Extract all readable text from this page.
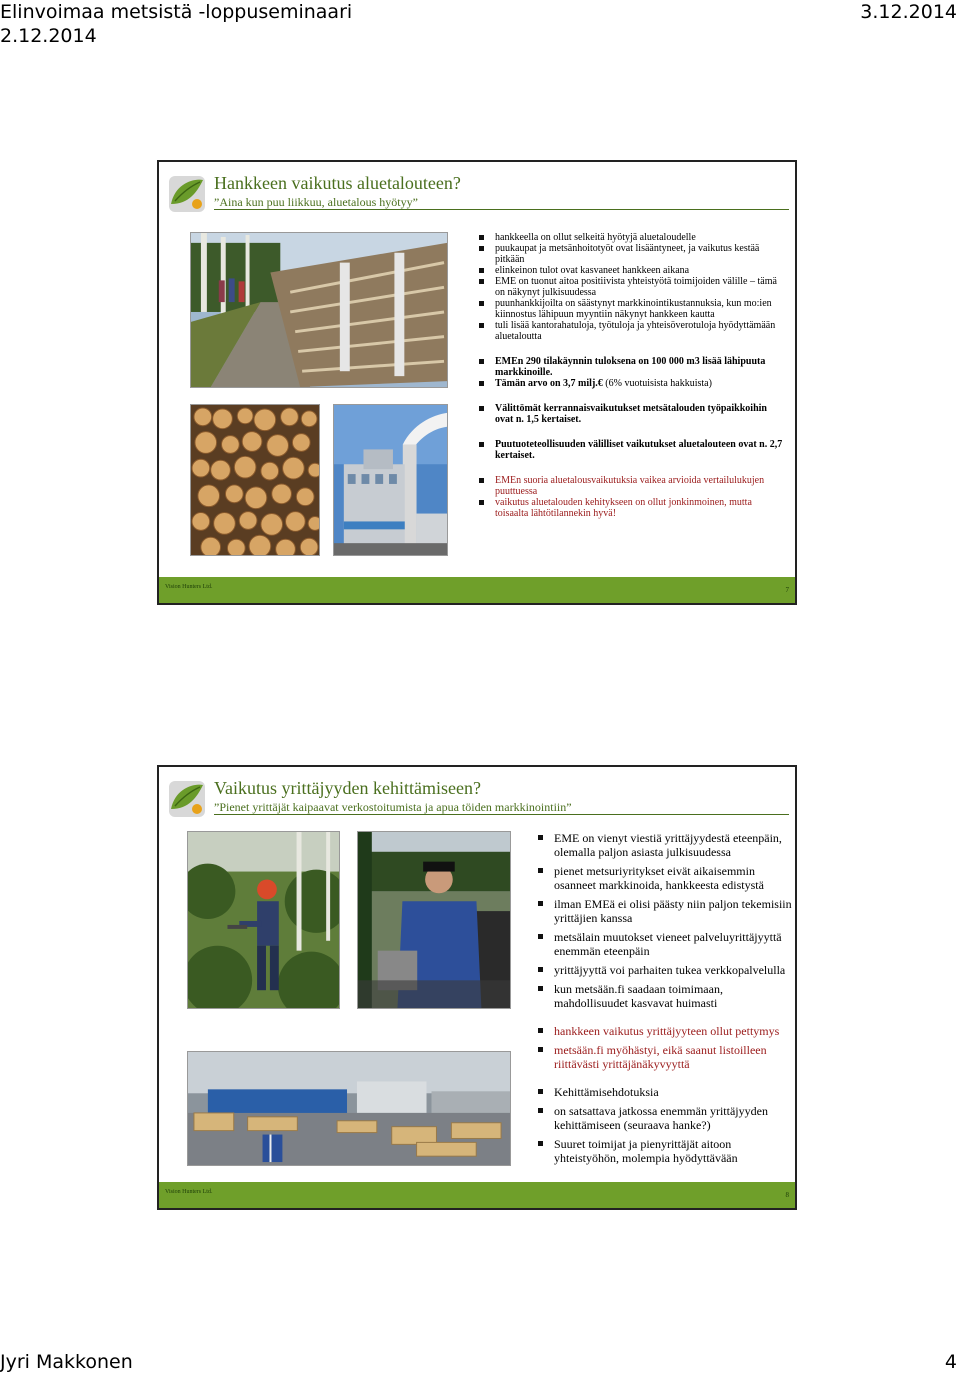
Elinvoimaa metsistä -loppuseminaari	3.12.2014
2.12.2014
Hankkeen vaikutus aluetalouteen?
”Aina kun puu liikkuu, aluetalous hyötyy”
hankkeella on ollut selkeitä hyötyjä aluetaloudelle
puukaupat ja metsänhoitotyöt ovat lisääntyneet, ja vaikutus kestää pitkään
elinkeinon tulot ovat kasvaneet hankkeen aikana
EME on tuonut aitoa positiivista yhteistyötä toimijoiden välille – tämä on näkynyt julkisuudessa
puunhankkijoilta on säästynyt markkinointikustannuksia, kun mo:ien kiinnostus lähipuun myyntiin näkynyt hankkeen kautta
tuli lisää kantorahatuloja, työtuloja ja yhteisöverotuloja hyödyttämään aluetaloutta
EMEn 290 tilakäynnin tuloksena on 100 000 m3 lisää lähipuuta markkinoille.
Tämän arvo on 3,7 milj.€ (6% vuotuisista hakkuista)
Välittömät kerrannaisvaikutukset metsätalouden työpaikkoihin ovat n. 1,5 kertaiset.
Puutuoteteollisuuden välilliset vaikutukset aluetalouteen ovat n. 2,7 kertaiset.
EMEn suoria aluetalousvaikutuksia vaikea arvioida vertailulukujen puuttuessa
vaikutus aluetalouden kehitykseen on ollut jonkinmoinen, mutta toisaalta lähtötilannekin hyvä!
Vision Hunters Ltd.	7
Vaikutus yrittäjyyden kehittämiseen?
”Pienet yrittäjät kaipaavat verkostoitumista ja apua töiden markkinointiin”
EME on vienyt viestiä yrittäjyydestä eteenpäin, olemalla paljon asiasta julkisuudessa
pienet metsuriyritykset eivät aikaisemmin osanneet markkinoida, hankkeesta edistystä
ilman EMEä ei olisi päästy niin paljon tekemisiin yrittäjien kanssa
metsälain muutokset vieneet palveluyrittäjyyttä enemmän eteenpäin
yrittäjyyttä voi parhaiten tukea verkkopalvelulla
kun metsään.fi saadaan toimimaan, mahdollisuudet kasvavat huimasti
hankkeen vaikutus yrittäjyyteen ollut pettymys
metsään.fi myöhästyi, eikä saanut listoilleen riittävästi yrittäjänäkyvyyttä
Kehittämisehdotuksia
on satsattava jatkossa enemmän yrittäjyyden kehittämiseen (seuraava hanke?)
Suuret toimijat ja pienyrittäjät aitoon yhteistyöhön, molempia hyödyttävään
Vision Hunters Ltd.	8
Jyri Makkonen	4
